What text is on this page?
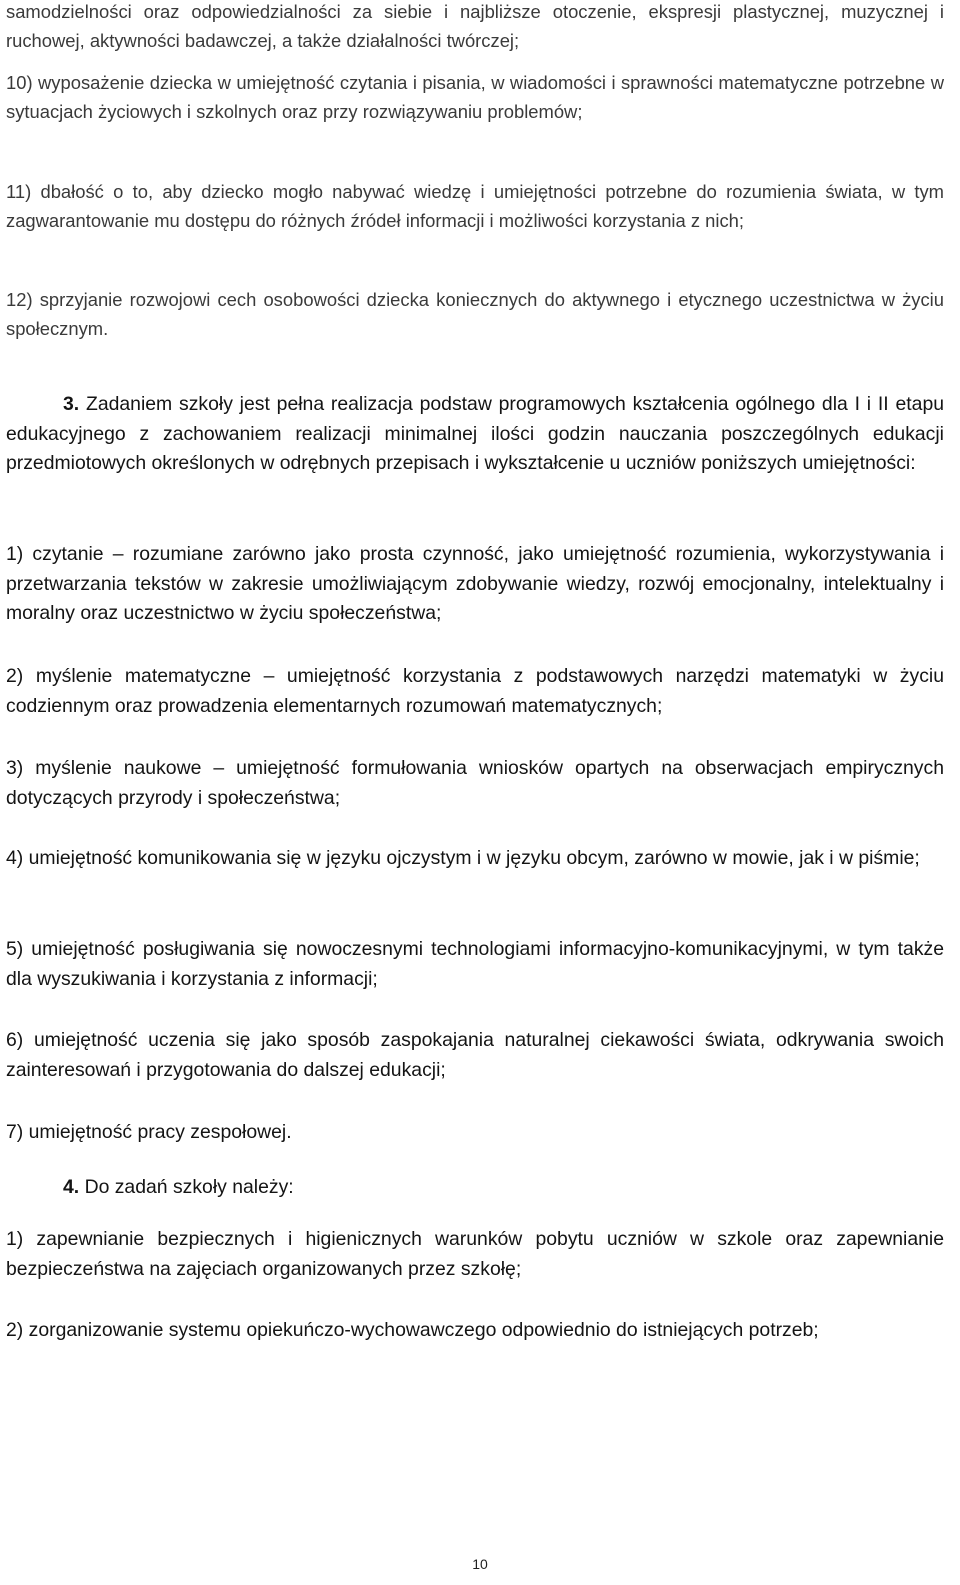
samodzielności oraz odpowiedzialności za siebie i najbliższe otoczenie, ekspresji plastycznej, muzycznej i ruchowej, aktywności badawczej, a także działalności twórczej;

10) wyposażenie dziecka w umiejętność czytania i pisania, w wiadomości i sprawności matematyczne potrzebne w sytuacjach życiowych i szkolnych oraz przy rozwiązywaniu problemów;

11) dbałość o to, aby dziecko mogło nabywać wiedzę i umiejętności potrzebne do rozumienia świata, w tym zagwarantowanie mu dostępu do różnych źródeł informacji i możliwości korzystania z nich;

12) sprzyjanie rozwojowi cech osobowości dziecka koniecznych do aktywnego i etycznego uczestnictwa w życiu społecznym.

3. Zadaniem szkoły jest pełna realizacja podstaw programowych kształcenia ogólnego dla I i II etapu edukacyjnego z zachowaniem realizacji minimalnej ilości godzin nauczania poszczególnych edukacji przedmiotowych określonych w odrębnych przepisach i wykształcenie u uczniów poniższych umiejętności:

1) czytanie – rozumiane zarówno jako prosta czynność, jako umiejętność rozumienia, wykorzystywania i przetwarzania tekstów w zakresie umożliwiającym zdobywanie wiedzy, rozwój emocjonalny, intelektualny i moralny oraz uczestnictwo w życiu społeczeństwa;

2) myślenie matematyczne – umiejętność korzystania z podstawowych narzędzi matematyki w życiu codziennym oraz prowadzenia elementarnych rozumowań matematycznych;

3) myślenie naukowe – umiejętność formułowania wniosków opartych na obserwacjach empirycznych dotyczących przyrody i społeczeństwa;

4) umiejętność komunikowania się w języku ojczystym i w języku obcym, zarówno w mowie, jak i w piśmie;

5) umiejętność posługiwania się nowoczesnymi technologiami informacyjno-komunikacyjnymi, w tym także dla wyszukiwania i korzystania z informacji;

6) umiejętność uczenia się jako sposób zaspokajania naturalnej ciekawości świata, odkrywania swoich zainteresowań i przygotowania do dalszej edukacji;

7) umiejętność pracy zespołowej.

4. Do zadań szkoły należy:

1) zapewnianie bezpiecznych i higienicznych warunków pobytu uczniów w szkole oraz zapewnianie bezpieczeństwa na zajęciach organizowanych przez szkołę;

2) zorganizowanie systemu opiekuńczo-wychowawczego odpowiednio do istniejących potrzeb;

10
